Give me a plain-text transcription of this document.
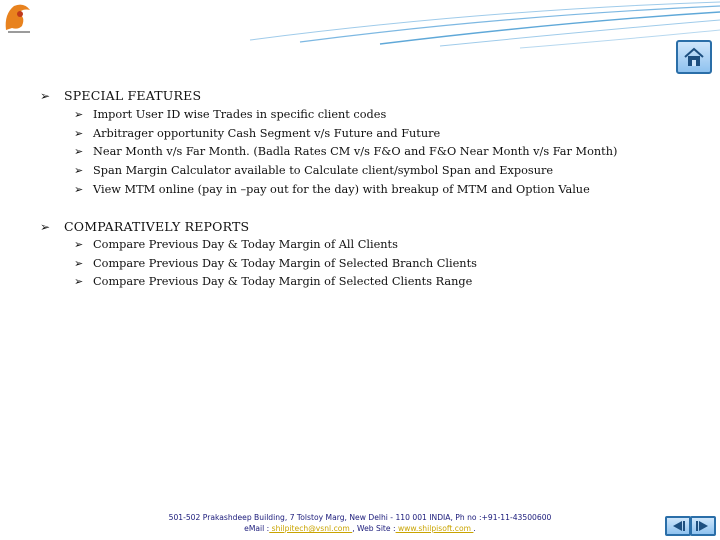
➢	SPECIAL FEATURES
➢ Import User ID wise Trades in specific client codes
➢ Arbitrager opportunity Cash Segment v/s Future and Future
➢ Near Month v/s Far Month. (Badla Rates CM v/s F&O and F&O Near Month v/s Far Month)
➢ Span Margin Calculator available to Calculate client/symbol Span and Exposure
➢ View MTM online (pay in –pay out for the day) with breakup of MTM and Option Value
➢	COMPARATIVELY REPORTS
➢ Compare Previous Day & Today Margin of All Clients
➢ Compare Previous Day & Today Margin of Selected Branch Clients
➢ Compare Previous Day & Today Margin of Selected Clients Range
501-502 Prakashdeep Building, 7 Tolstoy Marg, New Delhi - 110 001 INDIA, Ph no :+91-11-43500600
eMail : shilpitech@vsnl.com , Web Site : www.shilpisoft.com .
